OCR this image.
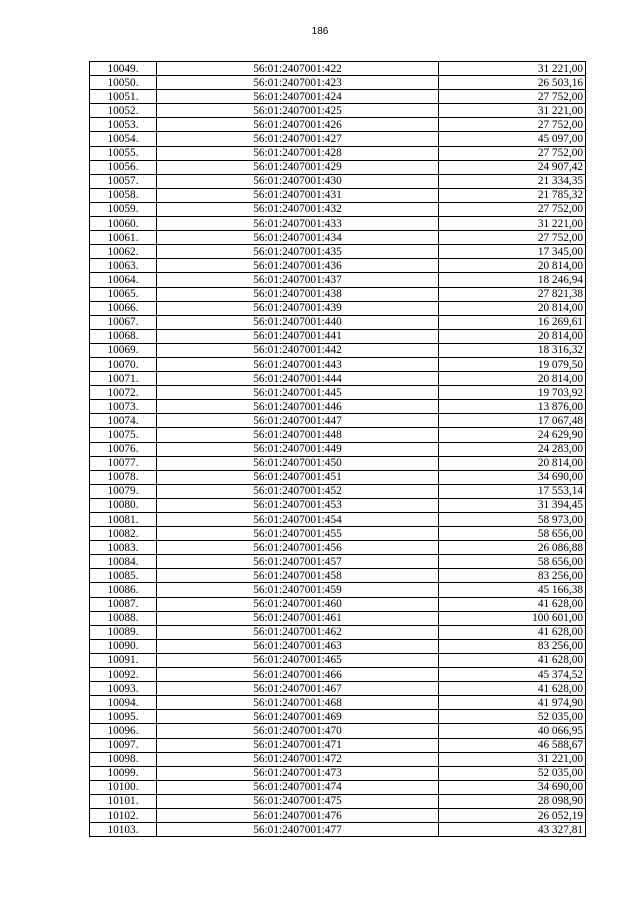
186
10049.	56:01:2407001:422	31 221,00
10050.	56:01:2407001:423	26 503,16
10051.	56:01:2407001:424	27 752,00
10052.	56:01:2407001:425	31 221,00
10053.	56:01:2407001:426	27 752,00
10054.	56:01:2407001:427	45 097,00
10055.	56:01:2407001:428	27 752,00
10056.	56:01:2407001:429	24 907,42
10057.	56:01:2407001:430	21 334,35
10058.	56:01:2407001:431	21 785,32
10059.	56:01:2407001:432	27 752,00
10060.	56:01:2407001:433	31 221,00
10061.	56:01:2407001:434	27 752,00
10062.	56:01:2407001:435	17 345,00
10063.	56:01:2407001:436	20 814,00
10064.	56:01:2407001:437	18 246,94
10065.	56:01:2407001:438	27 821,38
10066.	56:01:2407001:439	20 814,00
10067.	56:01:2407001:440	16 269,61
10068.	56:01:2407001:441	20 814,00
10069.	56:01:2407001:442	18 316,32
10070.	56:01:2407001:443	19 079,50
10071.	56:01:2407001:444	20 814,00
10072.	56:01:2407001:445	19 703,92
10073.	56:01:2407001:446	13 876,00
10074.	56:01:2407001:447	17 067,48
10075.	56:01:2407001:448	24 629,90
10076.	56:01:2407001:449	24 283,00
10077.	56:01:2407001:450	20 814,00
10078.	56:01:2407001:451	34 690,00
10079.	56:01:2407001:452	17 553,14
10080.	56:01:2407001:453	31 394,45
10081.	56:01:2407001:454	58 973,00
10082.	56:01:2407001:455	58 656,00
10083.	56:01:2407001:456	26 086,88
10084.	56:01:2407001:457	58 656,00
10085.	56:01:2407001:458	83 256,00
10086.	56:01:2407001:459	45 166,38
10087.	56:01:2407001:460	41 628,00
10088.	56:01:2407001:461	100 601,00
10089.	56:01:2407001:462	41 628,00
10090.	56:01:2407001:463	83 256,00
10091.	56:01:2407001:465	41 628,00
10092.	56:01:2407001:466	45 374,52
10093.	56:01:2407001:467	41 628,00
10094.	56:01:2407001:468	41 974,90
10095.	56:01:2407001:469	52 035,00
10096.	56:01:2407001:470	40 066,95
10097.	56:01:2407001:471	46 588,67
10098.	56:01:2407001:472	31 221,00
10099.	56:01:2407001:473	52 035,00
10100.	56:01:2407001:474	34 690,00
10101.	56:01:2407001:475	28 098,90
10102.	56:01:2407001:476	26 052,19
10103.	56:01:2407001:477	43 327,81
